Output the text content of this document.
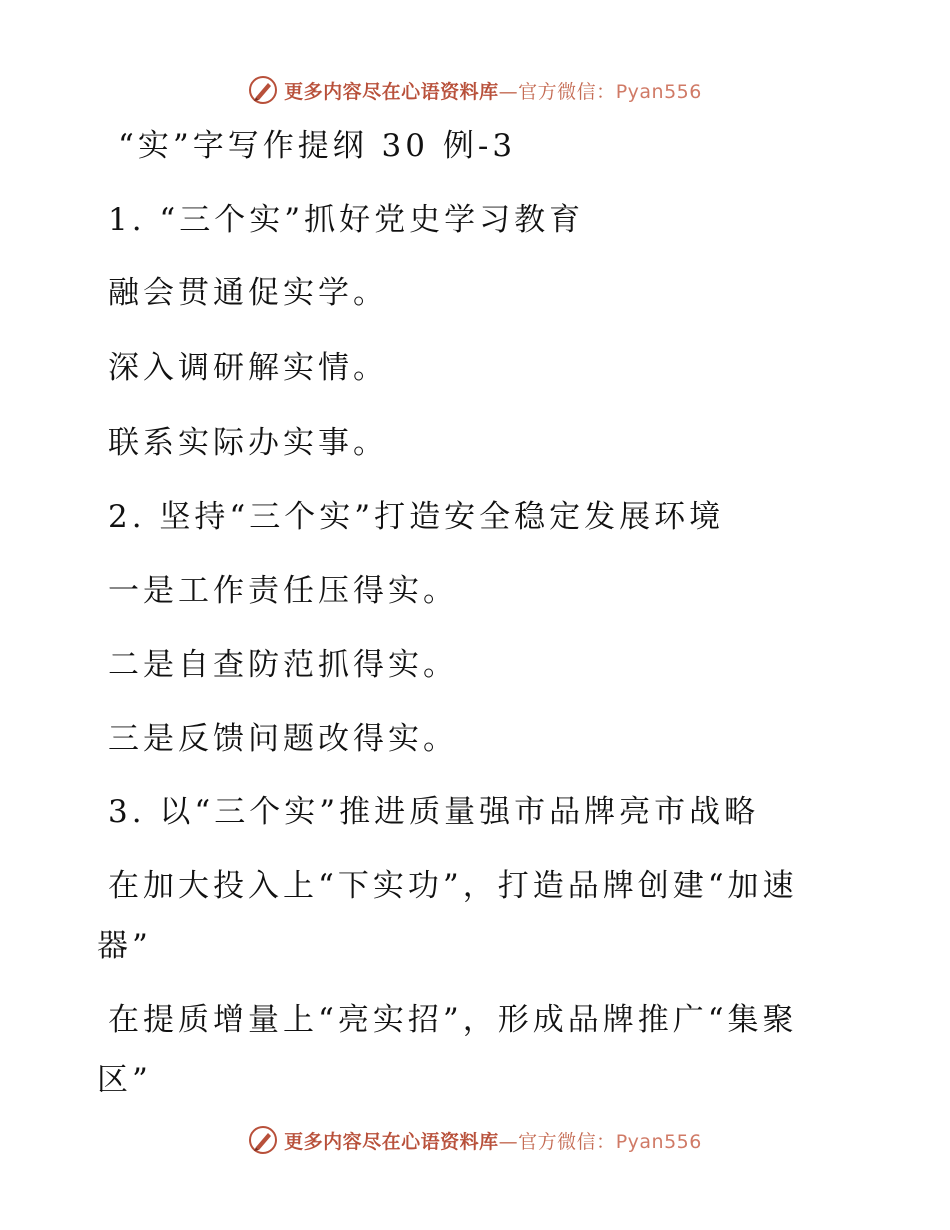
更多内容尽在心语资料库—官方微信：Pyan556
“实”字写作提纲 30 例-3
1. “三个实”抓好党史学习教育
融会贯通促实学。
深入调研解实情。
联系实际办实事。
2. 坚持“三个实”打造安全稳定发展环境
一是工作责任压得实。
二是自查防范抓得实。
三是反馈问题改得实。
3. 以“三个实”推进质量强市品牌亮市战略
在加大投入上“下实功”，打造品牌创建“加速
器”
在提质增量上“亮实招”，形成品牌推广“集聚
区”
更多内容尽在心语资料库—官方微信：Pyan556
